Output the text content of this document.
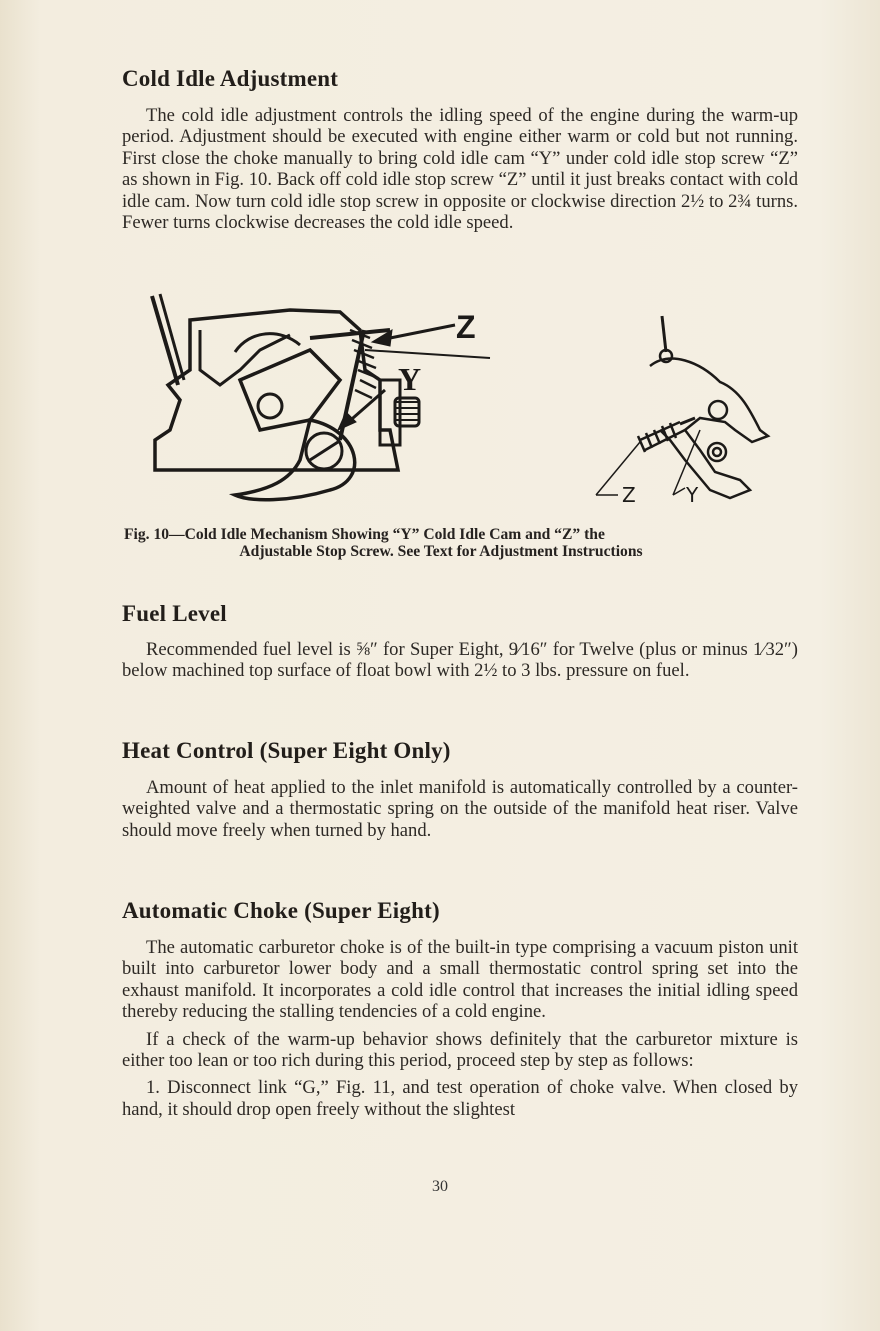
Cold Idle Adjustment

The cold idle adjustment controls the idling speed of the engine during the warm-up period. Adjustment should be executed with engine either warm or cold but not running. First close the choke manually to bring cold idle cam “Y” under cold idle stop screw “Z” as shown in Fig. 10. Back off cold idle stop screw “Z” until it just breaks contact with cold idle cam. Now turn cold idle stop screw in opposite or clockwise direction 2½ to 2¾ turns. Fewer turns clockwise decreases the cold idle speed.

Z
Y
Z	Y
Fig. 10—Cold Idle Mechanism Showing “Y” Cold Idle Cam and “Z” the
Adjustable Stop Screw. See Text for Adjustment Instructions
Fuel Level

Recommended fuel level is ⅝″ for Super Eight, 9⁄16″ for Twelve (plus or minus 1⁄32″) below machined top surface of float bowl with 2½ to 3 lbs. pressure on fuel.

Heat Control (Super Eight Only)

Amount of heat applied to the inlet manifold is automatically controlled by a counter-weighted valve and a thermostatic spring on the outside of the manifold heat riser. Valve should move freely when turned by hand.

Automatic Choke (Super Eight)

The automatic carburetor choke is of the built-in type comprising a vacuum piston unit built into carburetor lower body and a small thermostatic control spring set into the exhaust manifold. It incorporates a cold idle control that increases the initial idling speed thereby reducing the stalling tendencies of a cold engine.

If a check of the warm-up behavior shows definitely that the carburetor mixture is either too lean or too rich during this period, proceed step by step as follows:

1. Disconnect link “G,” Fig. 11, and test operation of choke valve. When closed by hand, it should drop open freely without the slightest

30
